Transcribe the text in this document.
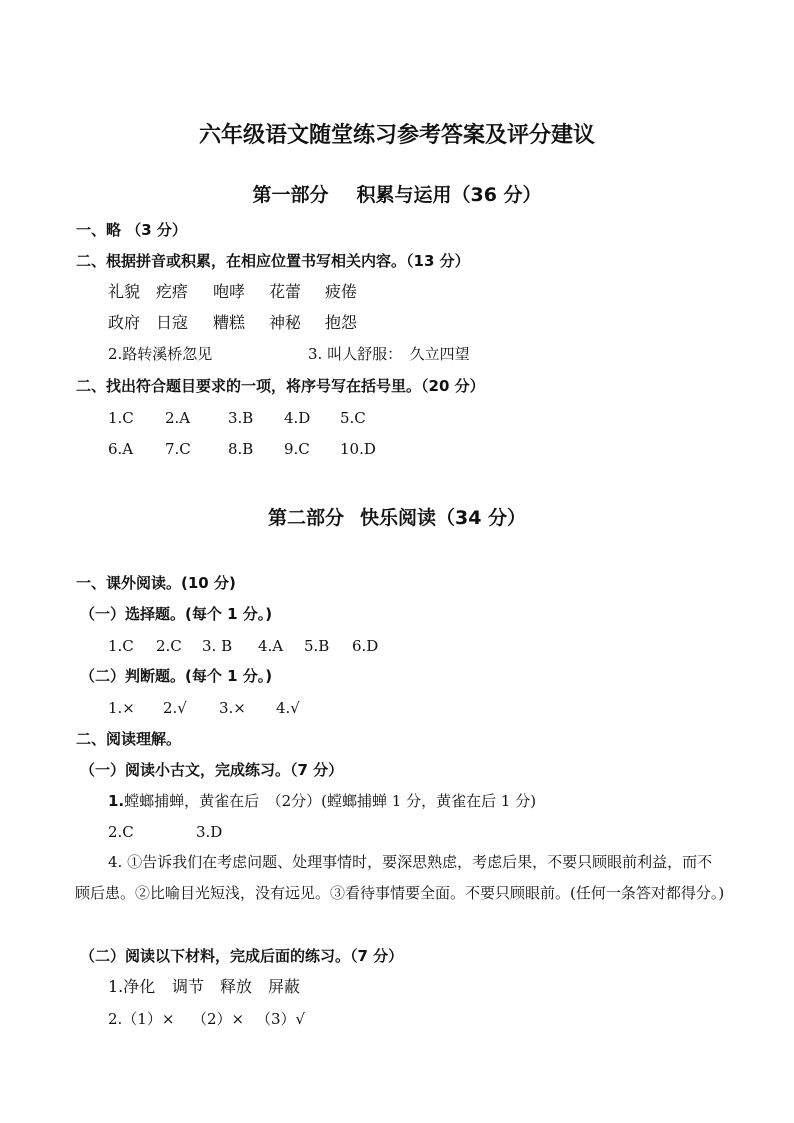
六年级语文随堂练习参考答案及评分建议
第一部分 积累与运用（36 分）
一、略 （3 分）
二、根据拼音或积累，在相应位置书写相关内容。（13 分）
礼貌 疙瘩 咆哮 花蕾 疲倦
政府 日寇 糟糕 神秘 抱怨
2.路转溪桥忽见	3. 叫人舒服：　久立四望
二、找出符合题目要求的一项，将序号写在括号里。（20 分）
1.C 2.A	3.B 4.D 5.C
6.A 7.C 8.B 9.C 10.D
第二部分 快乐阅读（34 分）
一、课外阅读。(10 分)
（一）选择题。(每个 1 分。)
1.C 2.C 3. B 4.A 5.B 6.D
（二）判断题。(每个 1 分。)
1.× 2.√ 3.× 4.√
二、阅读理解。
（一）阅读小古文，完成练习。（7 分）
1.螳螂捕蝉，黄雀在后　（2分）(螳螂捕蝉 1 分，黄雀在后 1 分)
2.C	3.D
4. ①告诉我们在考虑问题、处理事情时，要深思熟虑，考虑后果，不要只顾眼前利益，而不顾后患。②比喻目光短浅，没有远见。③看待事情要全面。不要只顾眼前。(任何一条答对都得分。)
（二）阅读以下材料，完成后面的练习。（7 分）
1.净化 调节 释放 屏蔽
2.（1）× （2）× （3）√
